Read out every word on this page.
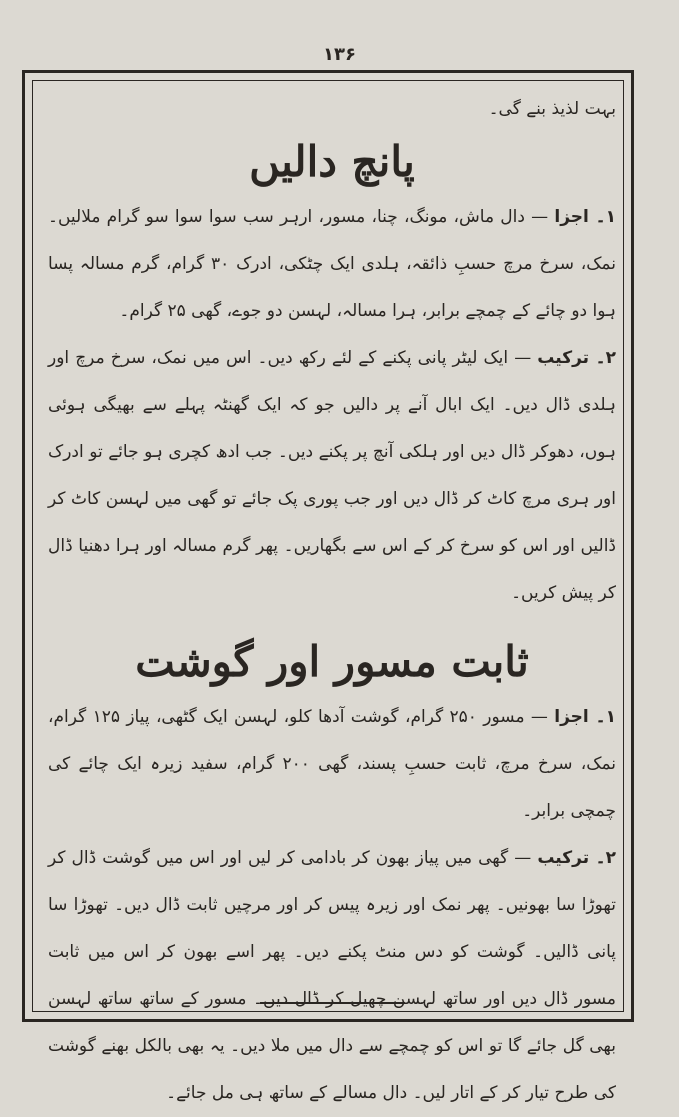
۱۳۶
بہت لذیذ بنے گی۔
پانچ دالیں

۱۔ اجزا — دال ماش، مونگ، چنا، مسور، ارہر سب سوا سوا سو گرام ملالیں۔ نمک، سرخ مرچ حسبِ ذائقہ، ہلدی ایک چٹکی، ادرک ۳۰ گرام، گرم مسالہ پسا ہوا دو چائے کے چمچے برابر، ہرا مسالہ، لہسن دو جوے، گھی ۲۵ گرام۔

۲۔ ترکیب — ایک لیٹر پانی پکنے کے لئے رکھ دیں۔ اس میں نمک، سرخ مرچ اور ہلدی ڈال دیں۔ ایک ابال آنے پر دالیں جو کہ ایک گھنٹہ پہلے سے بھیگی ہوئی ہوں، دھوکر ڈال دیں اور ہلکی آنچ پر پکنے دیں۔ جب ادھ کچری ہو جائے تو ادرک اور ہری مرچ کاٹ کر ڈال دیں اور جب پوری پک جائے تو گھی میں لہسن کاٹ کر ڈالیں اور اس کو سرخ کر کے اس سے بگھاریں۔ پھر گرم مسالہ اور ہرا دھنیا ڈال کر پیش کریں۔

ثابت مسور اور گوشت

۱۔ اجزا — مسور ۲۵۰ گرام، گوشت آدھا کلو، لہسن ایک گٹھی، پیاز ۱۲۵ گرام، نمک، سرخ مرچ، ثابت حسبِ پسند، گھی ۲۰۰ گرام، سفید زیرہ ایک چائے کی چمچی برابر۔

۲۔ ترکیب — گھی میں پیاز بھون کر بادامی کر لیں اور اس میں گوشت ڈال کر تھوڑا سا بھونیں۔ پھر نمک اور زیرہ پیس کر اور مرچیں ثابت ڈال دیں۔ تھوڑا سا پانی ڈالیں۔ گوشت کو دس منٹ پکنے دیں۔ پھر اسے بھون کر اس میں ثابت مسور ڈال دیں اور ساتھ لہسن چھیل کر ڈال دیں۔ مسور کے ساتھ ساتھ لہسن بھی گل جائے گا تو اس کو چمچے سے دال میں ملا دیں۔ یہ بھی بالکل بھنے گوشت کی طرح تیار کر کے اتار لیں۔ دال مسالے کے ساتھ ہی مل جائے۔
